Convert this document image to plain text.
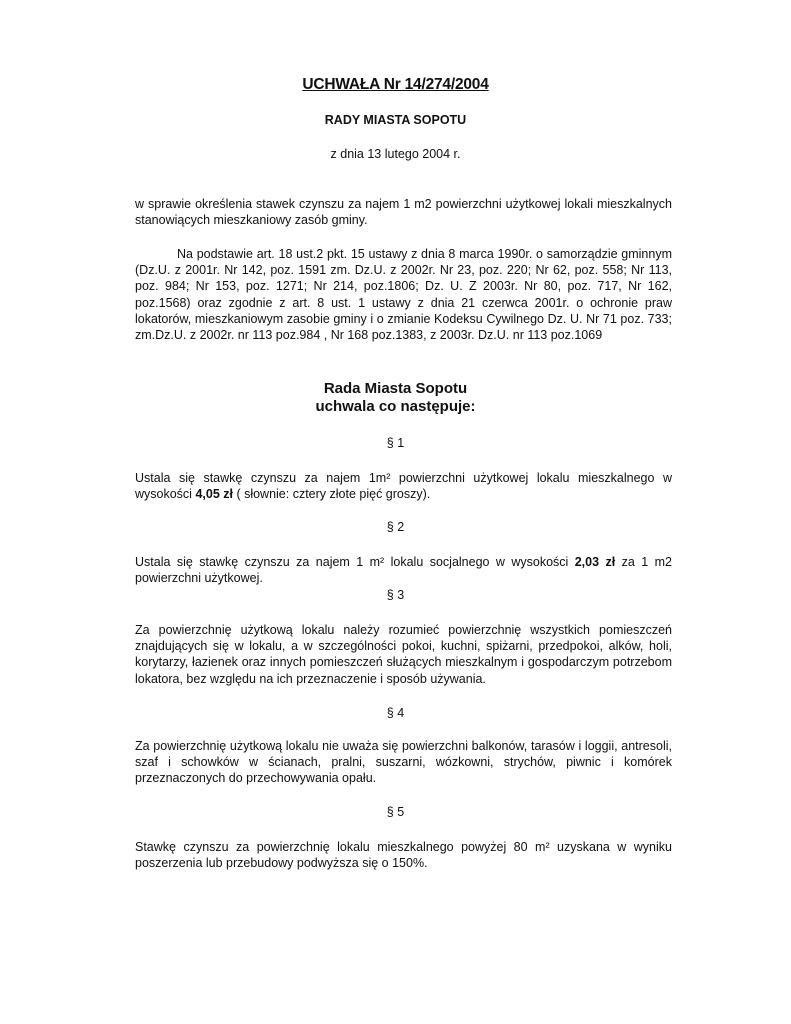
UCHWAŁA Nr 14/274/2004
RADY MIASTA SOPOTU
z dnia 13 lutego 2004 r.
w sprawie określenia stawek czynszu za najem 1 m2 powierzchni użytkowej lokali mieszkalnych stanowiących mieszkaniowy zasób gminy.
Na podstawie art. 18 ust.2 pkt. 15 ustawy z dnia 8 marca 1990r. o samorządzie gminnym (Dz.U. z 2001r. Nr 142, poz. 1591 zm. Dz.U. z 2002r. Nr 23, poz. 220; Nr 62, poz. 558; Nr 113, poz. 984; Nr 153, poz. 1271; Nr 214, poz.1806; Dz. U. Z 2003r. Nr 80, poz. 717, Nr 162, poz.1568) oraz zgodnie z art. 8 ust. 1 ustawy z dnia 21 czerwca 2001r. o ochronie praw lokatorów, mieszkaniowym zasobie gminy i o zmianie Kodeksu Cywilnego Dz. U. Nr 71 poz. 733; zm.Dz.U. z 2002r. nr 113 poz.984 , Nr 168 poz.1383, z 2003r. Dz.U. nr 113 poz.1069
Rada Miasta Sopotu
uchwala co następuje:
§ 1
Ustala się stawkę czynszu za najem 1m² powierzchni użytkowej lokalu mieszkalnego w wysokości 4,05 zł ( słownie: cztery złote pięć groszy).
§ 2
Ustala się stawkę czynszu za najem 1 m² lokalu socjalnego w wysokości 2,03 zł za 1 m2 powierzchni użytkowej.
§ 3
Za powierzchnię użytkową lokalu należy rozumieć powierzchnię wszystkich pomieszczeń znajdujących się w lokalu, a w szczególności pokoi, kuchni, spiżarni, przedpokoi, alków, holi, korytarzy, łazienek oraz innych pomieszczeń służących mieszkalnym i gospodarczym potrzebom lokatora, bez względu na ich przeznaczenie i sposób używania.
§ 4
Za powierzchnię użytkową lokalu nie uważa się powierzchni balkonów, tarasów i loggii, antresoli, szaf i schowków w ścianach, pralni, suszarni, wózkowni, strychów, piwnic i komórek przeznaczonych do przechowywania opału.
§ 5
Stawkę czynszu za powierzchnię lokalu mieszkalnego powyżej 80 m² uzyskana w wyniku poszerzenia lub przebudowy podwyższa się o 150%.
